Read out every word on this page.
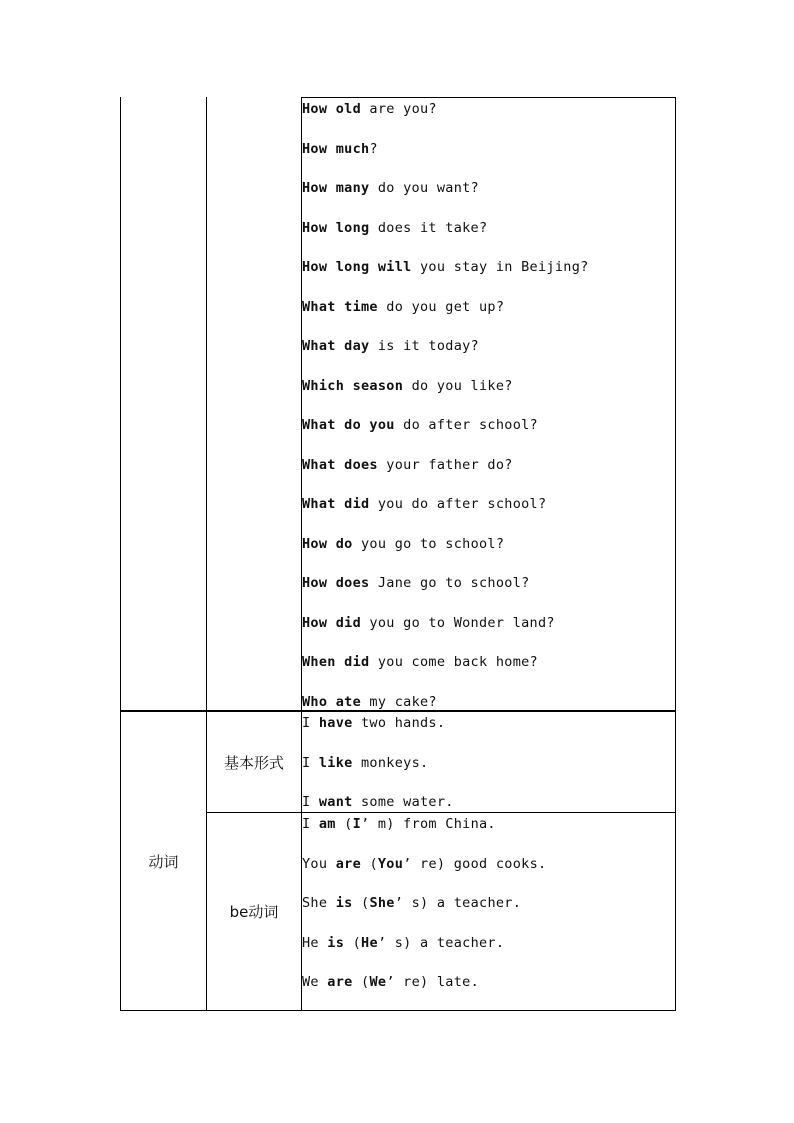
How old are you?

How much?

How many do you want?

How long does it take?

How long will you stay in Beijing?

What time do you get up?

What day is it today?

Which season do you like?

What do you do after school?

What does your father do?

What did you do after school?

How do you go to school?

How does Jane go to school?

How did you go to Wonder land?

When did you come back home?

Who ate my cake?

动词
基本形式
be动词

I have two hands.

I like monkeys.

I want some water.

I am (I’ m) from China.

You are (You’ re) good cooks.

She is (She’ s) a teacher.

He is (He’ s) a teacher.

We are (We’ re) late.
